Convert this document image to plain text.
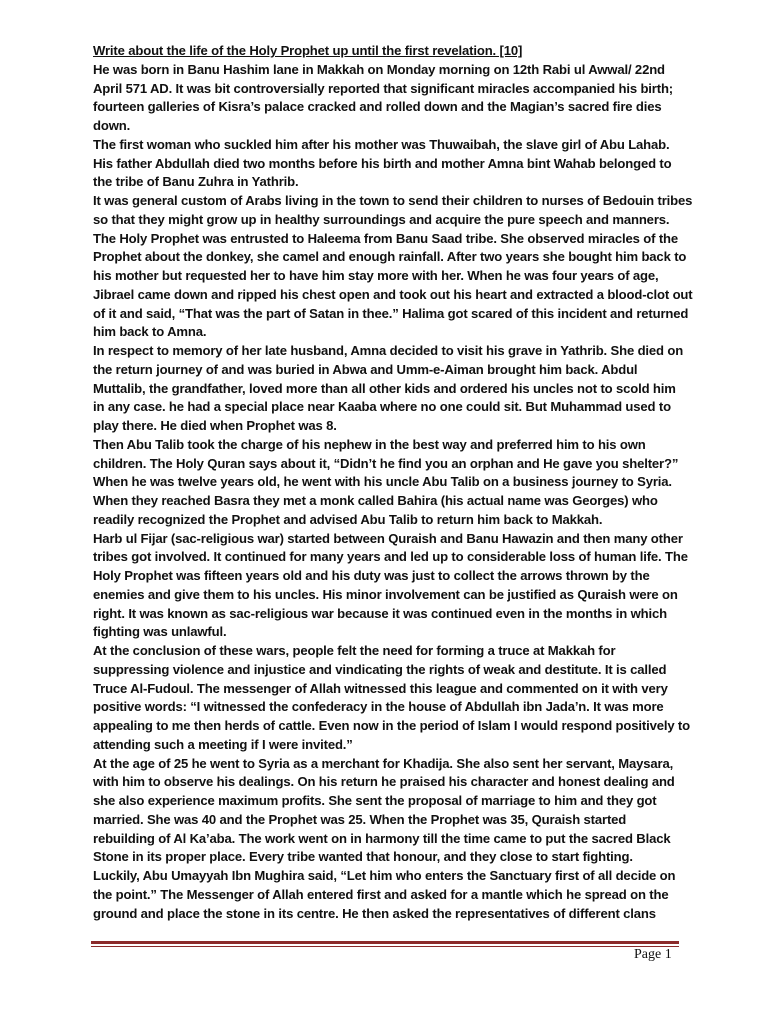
Write about the life of the Holy Prophet up until the first revelation. [10]
He was born in Banu Hashim lane in Makkah on Monday morning on 12th Rabi ul Awwal/ 22nd
April 571 AD. It was bit controversially reported that significant miracles accompanied his birth;
fourteen galleries of Kisra’s palace cracked and rolled down and the Magian’s sacred fire dies
down.
The first woman who suckled him after his mother was Thuwaibah, the slave girl of Abu Lahab.
His father Abdullah died two months before his birth and mother Amna bint Wahab belonged to
the tribe of Banu Zuhra in Yathrib.
It was general custom of Arabs living in the town to send their children to nurses of Bedouin tribes
so that they might grow up in healthy surroundings and acquire the pure speech and manners.
The Holy Prophet was entrusted to Haleema from Banu Saad tribe. She observed miracles of the
Prophet about the donkey, she camel and enough rainfall. After two years she bought him back to
his mother but requested her to have him stay more with her. When he was four years of age,
Jibrael came down and ripped his chest open and took out his heart and extracted a blood-clot out
of it and said, “That was the part of Satan in thee.” Halima got scared of this incident and returned
him back to Amna.
In respect to memory of her late husband, Amna decided to visit his grave in Yathrib. She died on
the return journey of and was buried in Abwa and Umm-e-Aiman brought him back. Abdul
Muttalib, the grandfather, loved more than all other kids and ordered his uncles not to scold him
in any case. he had a special place near Kaaba where no one could sit. But Muhammad used to
play there. He died when Prophet was 8.
Then Abu Talib took the charge of his nephew in the best way and preferred him to his own
children. The Holy Quran says about it, “Didn’t he find you an orphan and He gave you shelter?”
When he was twelve years old, he went with his uncle Abu Talib on a business journey to Syria.
When they reached Basra they met a monk called Bahira (his actual name was Georges) who
readily recognized the Prophet and advised Abu Talib to return him back to Makkah.
Harb ul Fijar (sac-religious war) started between Quraish and Banu Hawazin and then many other
tribes got involved. It continued for many years and led up to considerable loss of human life. The
Holy Prophet was fifteen years old and his duty was just to collect the arrows thrown by the
enemies and give them to his uncles. His minor involvement can be justified as Quraish were on
right. It was known as sac-religious war because it was continued even in the months in which
fighting was unlawful.
At the conclusion of these wars, people felt the need for forming a truce at Makkah for
suppressing violence and injustice and vindicating the rights of weak and destitute. It is called
Truce Al-Fudoul. The messenger of Allah witnessed this league and commented on it with very
positive words: “I witnessed the confederacy in the house of Abdullah ibn Jada’n. It was more
appealing to me then herds of cattle. Even now in the period of Islam I would respond positively to
attending such a meeting if I were invited.”
At the age of 25 he went to Syria as a merchant for Khadija. She also sent her servant, Maysara,
with him to observe his dealings. On his return he praised his character and honest dealing and
she also experience maximum profits. She sent the proposal of marriage to him and they got
married. She was 40 and the Prophet was 25. When the Prophet was 35, Quraish started
rebuilding of Al Ka’aba. The work went on in harmony till the time came to put the sacred Black
Stone in its proper place. Every tribe wanted that honour, and they close to start fighting.
Luckily, Abu Umayyah Ibn Mughira said, “Let him who enters the Sanctuary first of all decide on
the point.” The Messenger of Allah entered first and asked for a mantle which he spread on the
ground and place the stone in its centre. He then asked the representatives of different clans
Page 1
